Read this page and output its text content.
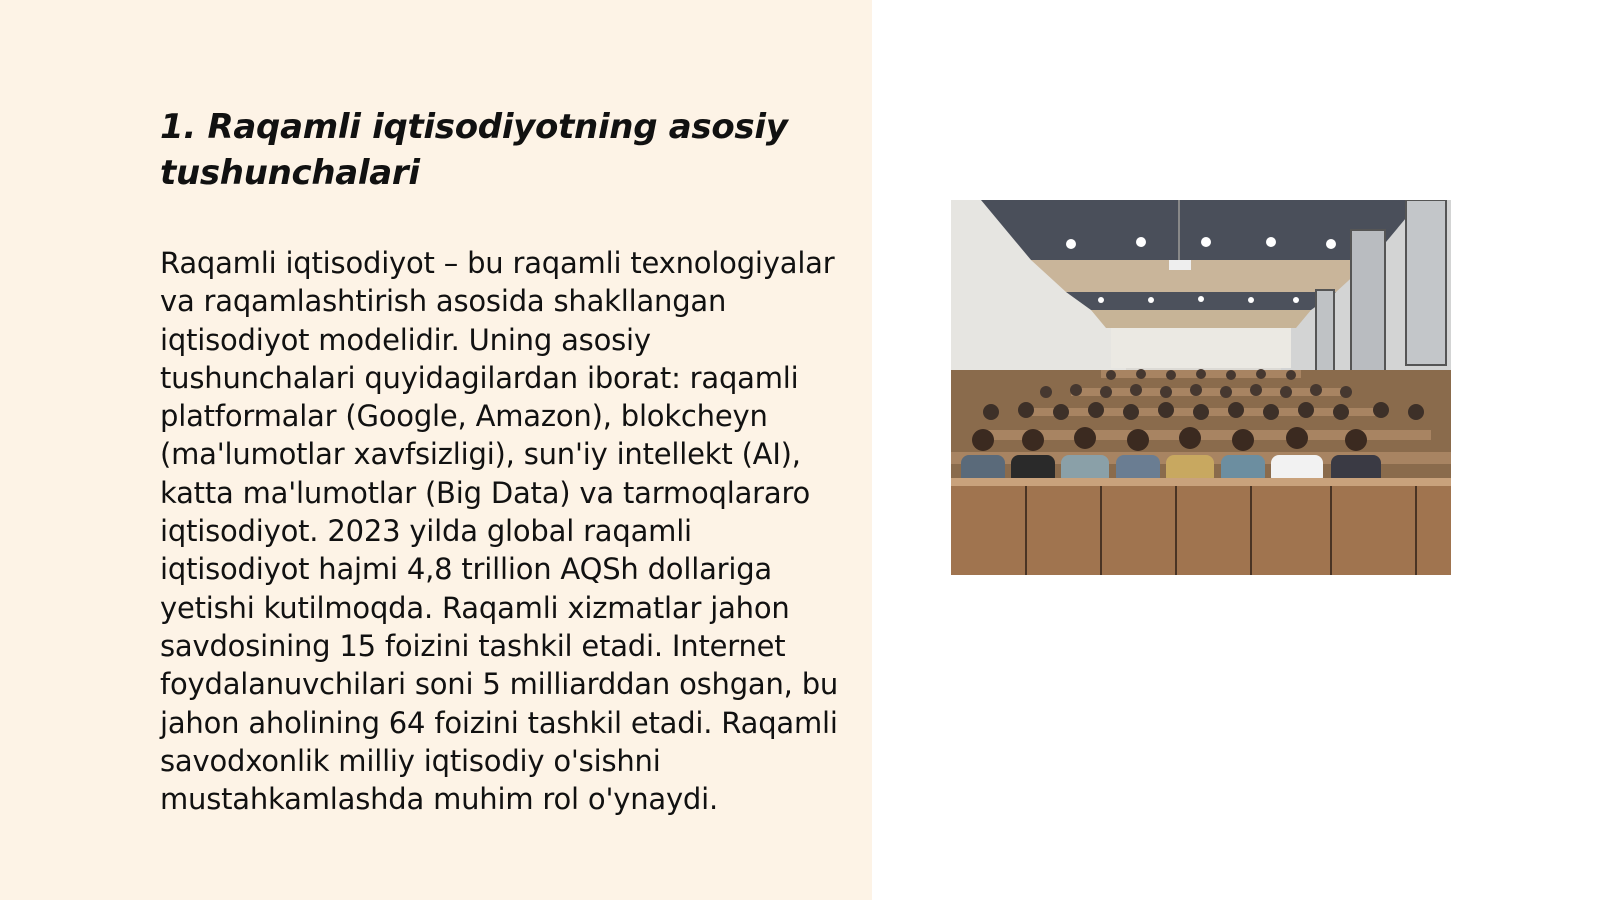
1. Raqamli iqtisodiyotning asosiy tushunchalari

Raqamli iqtisodiyot – bu raqamli texnologiyalar va raqamlashtirish asosida shakllangan iqtisodiyot modelidir. Uning asosiy tushunchalari quyidagilardan iborat: raqamli platformalar (Google, Amazon), blokcheyn (ma'lumotlar xavfsizligi), sun'iy intellekt (AI), katta ma'lumotlar (Big Data) va tarmoqlararo iqtisodiyot. 2023 yilda global raqamli iqtisodiyot hajmi 4,8 trillion AQSh dollariga yetishi kutilmoqda. Raqamli xizmatlar jahon savdosining 15 foizini tashkil etadi. Internet foydalanuvchilari soni 5 milliarddan oshgan, bu jahon aholining 64 foizini tashkil etadi. Raqamli savodxonlik milliy iqtisodiy o'sishni mustahkamlashda muhim rol o'ynaydi.
